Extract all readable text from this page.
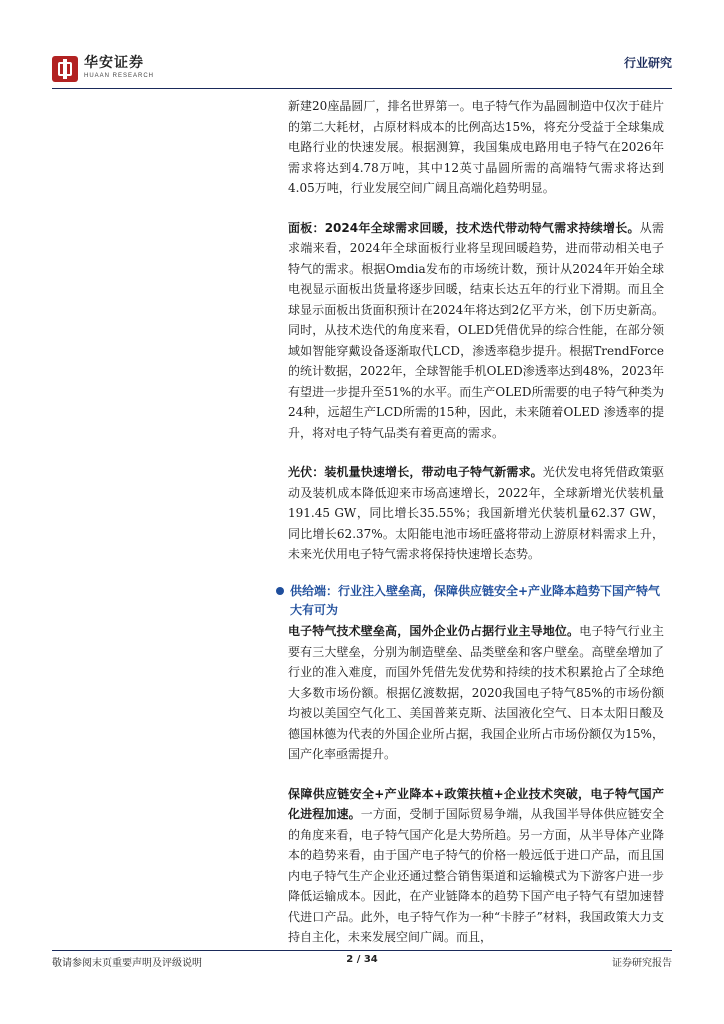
华安证券
HUAAN RESEARCH
行业研究

新建20座晶圆厂，排名世界第一。电子特气作为晶圆制造中仅次于硅片的第二大耗材，占原材料成本的比例高达15%，将充分受益于全球集成电路行业的快速发展。根据测算，我国集成电路用电子特气在2026年需求将达到4.78万吨，其中12英寸晶圆所需的高端特气需求将达到4.05万吨，行业发展空间广阔且高端化趋势明显。

面板：2024年全球需求回暖，技术迭代带动特气需求持续增长。从需求端来看，2024年全球面板行业将呈现回暖趋势，进而带动相关电子特气的需求。根据Omdia发布的市场统计数，预计从2024年开始全球电视显示面板出货量将逐步回暖，结束长达五年的行业下滑期。而且全球显示面板出货面积预计在2024年将达到2亿平方米，创下历史新高。同时，从技术迭代的角度来看，OLED凭借优异的综合性能，在部分领域如智能穿戴设备逐渐取代LCD，渗透率稳步提升。根据TrendForce的统计数据，2022年，全球智能手机OLED渗透率达到48%，2023年有望进一步提升至51%的水平。而生产OLED所需要的电子特气种类为24种，远超生产LCD所需的15种，因此，未来随着OLED 渗透率的提升，将对电子特气品类有着更高的需求。

光伏：装机量快速增长，带动电子特气新需求。光伏发电将凭借政策驱动及装机成本降低迎来市场高速增长，2022年，全球新增光伏装机量191.45 GW，同比增长35.55%；我国新增光伏装机量62.37 GW，同比增长62.37%。太阳能电池市场旺盛将带动上游原材料需求上升，未来光伏用电子特气需求将保持快速增长态势。

供给端：行业注入壁垒高，保障供应链安全+产业降本趋势下国产特气大有可为

电子特气技术壁垒高，国外企业仍占据行业主导地位。电子特气行业主要有三大壁垒，分别为制造壁垒、品类壁垒和客户壁垒。高壁垒增加了行业的准入难度，而国外凭借先发优势和持续的技术积累抢占了全球绝大多数市场份额。根据亿渡数据，2020我国电子特气85%的市场份额均被以美国空气化工、美国普莱克斯、法国液化空气、日本太阳日酸及德国林德为代表的外国企业所占据，我国企业所占市场份额仅为15%，国产化率亟需提升。

保障供应链安全+产业降本+政策扶植+企业技术突破，电子特气国产化进程加速。一方面，受制于国际贸易争端，从我国半导体供应链安全的角度来看，电子特气国产化是大势所趋。另一方面，从半导体产业降本的趋势来看，由于国产电子特气的价格一般远低于进口产品，而且国内电子特气生产企业还通过整合销售渠道和运输模式为下游客户进一步降低运输成本。因此，在产业链降本的趋势下国产电子特气有望加速替代进口产品。此外，电子特气作为一种“卡脖子”材料，我国政策大力支持自主化，未来发展空间广阔。而且，

敬请参阅末页重要声明及评级说明	2 / 34	证券研究报告
